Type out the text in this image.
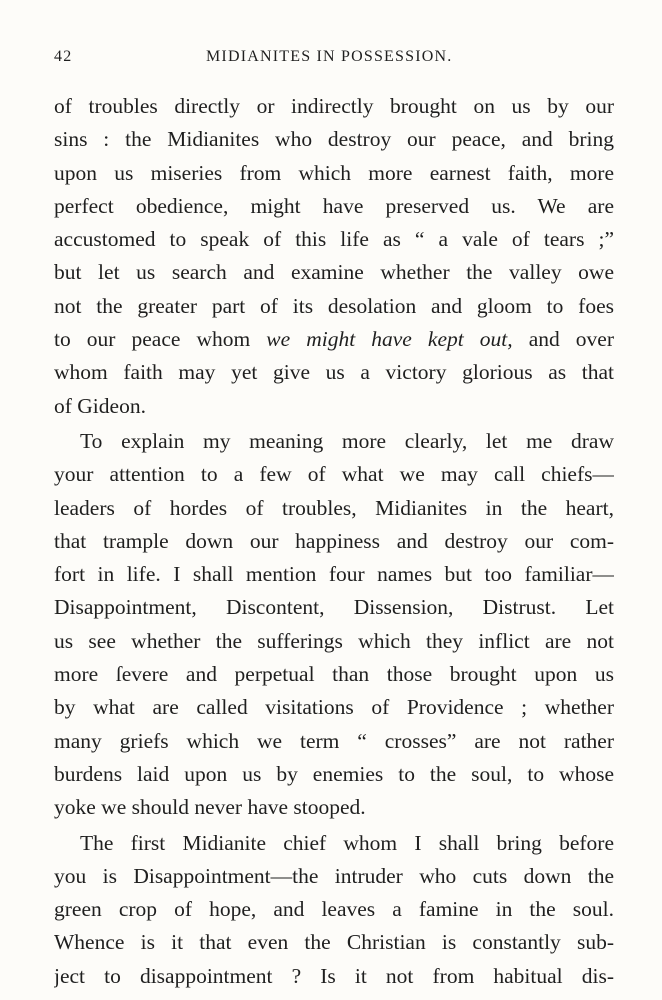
42	MIDIANITES IN POSSESSION.
of troubles directly or indirectly brought on us by our
sins : the Midianites who destroy our peace, and bring
upon us miseries from which more earnest faith, more
perfect obedience, might have preserved us. We are
accustomed to speak of this life as “ a vale of tears ;”
but let us search and examine whether the valley owe
not the greater part of its desolation and gloom to foes
to our peace whom we might have kept out, and over
whom faith may yet give us a victory glorious as that
of Gideon.
To explain my meaning more clearly, let me draw
your attention to a few of what we may call chiefs—
leaders of hordes of troubles, Midianites in the heart,
that trample down our happiness and destroy our com-
fort in life. I shall mention four names but too familiar—
Disappointment, Discontent, Dissension, Distrust. Let
us see whether the sufferings which they inflict are not
more ſevere and perpetual than those brought upon us
by what are called visitations of Providence ; whether
many griefs which we term “ crosses” are not rather
burdens laid upon us by enemies to the soul, to whose
yoke we should never have stooped.
The first Midianite chief whom I shall bring before
you is Disappointment—the intruder who cuts down the
green crop of hope, and leaves a famine in the soul.
Whence is it that even the Christian is constantly sub-
ject to disappointment ? Is it not from habitual dis-
